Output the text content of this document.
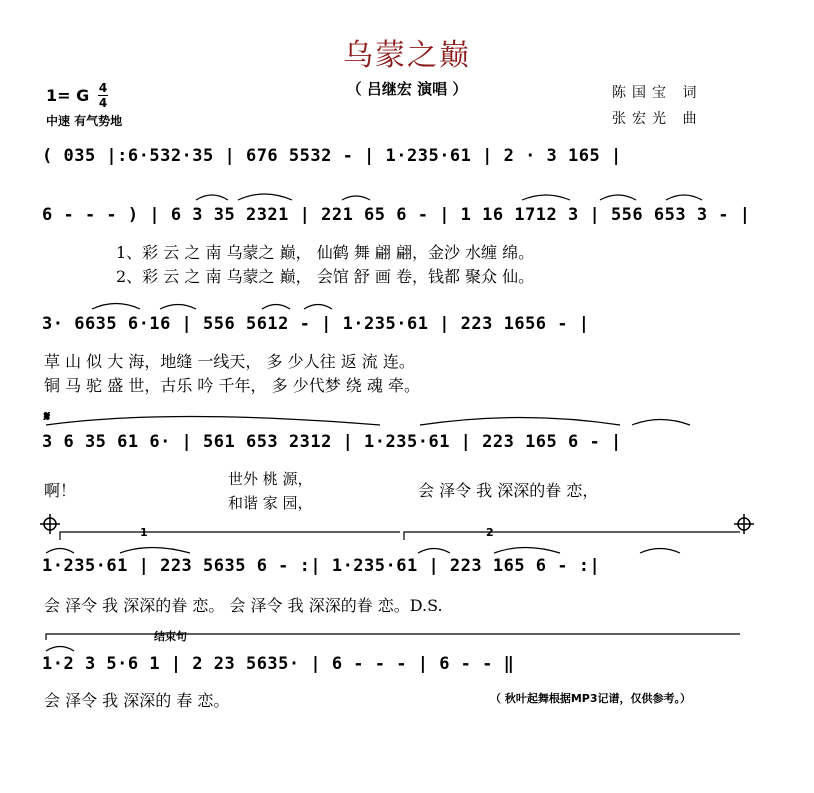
乌蒙之巅
（ 吕继宏 演唱 ）
1= G 4
4
中速 有气势地
陈国宝 词
张宏光 曲
( 035 |:6·532·35 | 676 5532 - | 1·235·61 | 2 · 3 165 |
6 - - - ) | 6 3 35 2321 | 221 65 6 - | 1 16 1712 3 | 556 653 3 - |
1、彩 云 之 南 乌蒙之 巅， 仙鹤 舞 翩 翩，金沙 水缠 绵。
2、彩 云 之 南 乌蒙之 巅， 会馆 舒 画 卷，钱都 聚众 仙。
3· 6635 6·16 | 556 5612 - | 1·235·61 | 223 1656 - |
草 山 似 大 海，地缝 一线天， 多 少人往 返 流 连。
铜 马 驼 盛 世，古乐 吟 千年， 多 少代梦 绕 魂 牵。
3 6 35 61 6· | 561 653 2312 | 1·235·61 | 223 165 6 - |
啊！
世外 桃 源，
和谐 家 园，
会 泽令 我 深深的眷 恋，
1	2
1·235·61 | 223 5635 6 - :| 1·235·61 | 223 165 6 - :|
会 泽令 我 深深的眷 恋。 会 泽令 我 深深的眷 恋。D.S.
结束句
1·2 3 5·6 1 | 2 23 5635· | 6 - - - | 6 - - ‖
会 泽令 我 深深的 春 恋。	（ 秋叶起舞根据MP3记谱，仅供参考。）
𝄋
